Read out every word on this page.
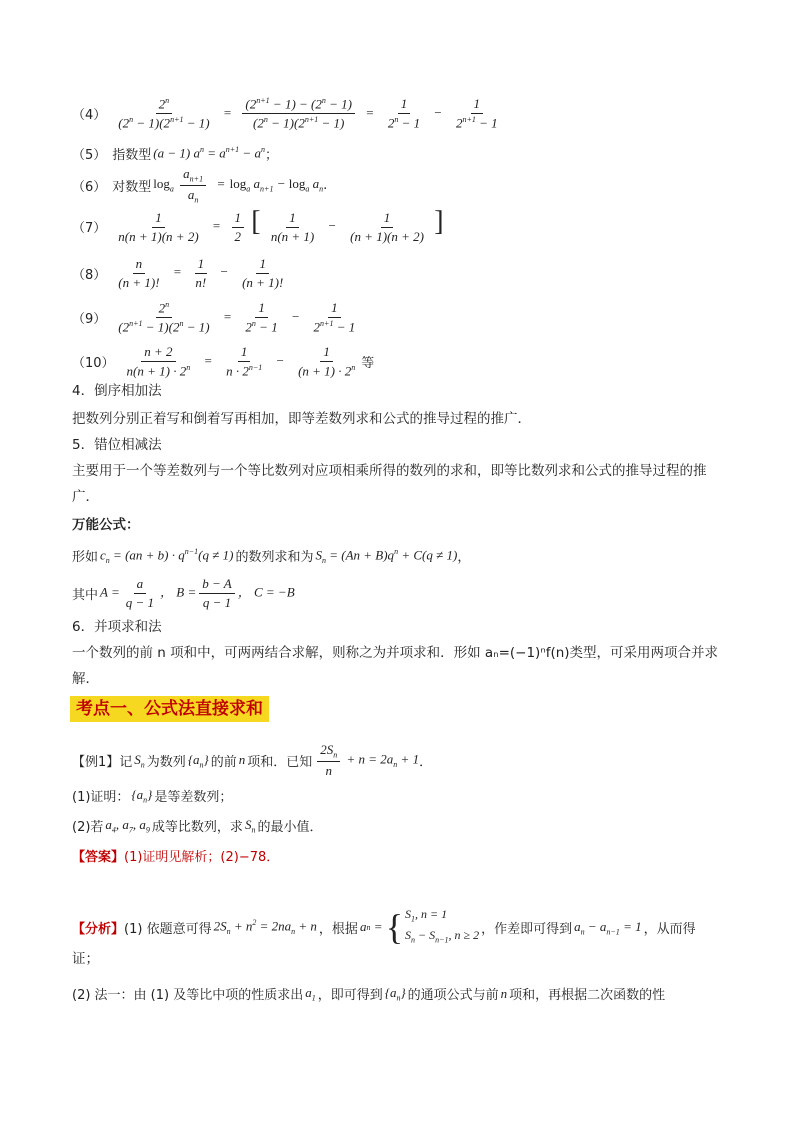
$(4) \frac{2^n}{(2^n - 1)(2^{n+1} - 1)} = \frac{(2^{n+1} - 1) - (2^n - 1)}{(2^n - 1)(2^{n+1} - 1)} = \frac{1}{2^n - 1} - \frac{1}{2^{n+1} - 1}$
（5） 指数型 (a − 1) $a^n = a^{n+1} - a^n$ ；
（6） 对数型 $\log_a \frac{a_{n+1}}{a_n} = \log_a a_{n+1} - \log_a a_n$ .
$(7) \frac{1}{n(n + 1)(n + 2)} = \frac{1}{2}$ [ $\frac{1}{n(n + 1)} - \frac{1}{(n + 1)(n + 2)}$ ]
$(8) \frac{n}{(n + 1)!} = \frac{1}{n!} - \frac{1}{(n + 1)!}$
$(9) \frac{2^n}{(2^{n+1} - 1)(2^n - 1)} = \frac{1}{2^n - 1} - \frac{1}{2^{n+1} - 1}$
$(10) \frac{n + 2}{n(n + 1) \cdot 2^n} = \frac{1}{n \cdot 2^{n-1}} - \frac{1}{(n + 1) \cdot 2^n}$ 等
4．倒序相加法
把数列分别正着写和倒着写再相加，即等差数列求和公式的推导过程的推广．
5．错位相减法
主要用于一个等差数列与一个等比数列对应项相乘所得的数列的求和，即等比数列求和公式的推导过程的推广．
万能公式：
形如 $c_n = (an + b) \cdot q^{n-1}(q \ne 1)$ 的数列求和为 $S_n = (An + B)q^n + C(q \ne 1)$ ，
其中 $A = \frac{a}{q - 1}$ ， $B = \frac{b - A}{q - 1}$ ， C = −B
6．并项求和法
一个数列的前 n 项和中，可两两结合求解，则称之为并项求和．形如 aₙ=(−1)ⁿf(n)类型，可采用两项合并求解．
考点一、公式法直接求和
【例1】 记 $S_n$ 为数列 $\{a_n\}$ 的前 n 项和．已知 $\frac{2S_n}{n} + n = 2a_n + 1$ ．
(1)证明： $\{a_n\}$ 是等差数列；
(2)若 $a_4$, $a_7$, $a_9$ 成等比数列，求 $S_n$ 的最小值．
【答案】 (1)证明见解析；(2)−78．
【分析】 (1) 依题意可得 $2S_n + n^2 = 2na_n + n$ ，根据 a n = { $S_1$, n = 1
$S_n - S_{n-1}$, n ≥ 2 ，作差即可得到 $a_n - a_{n-1} = 1$ ，从而得
证；
(2) 法一：由 (1) 及等比中项的性质求出 $a_1$ ，即可得到 $\{a_n\}$ 的通项公式与前 n 项和，再根据二次函数的性
